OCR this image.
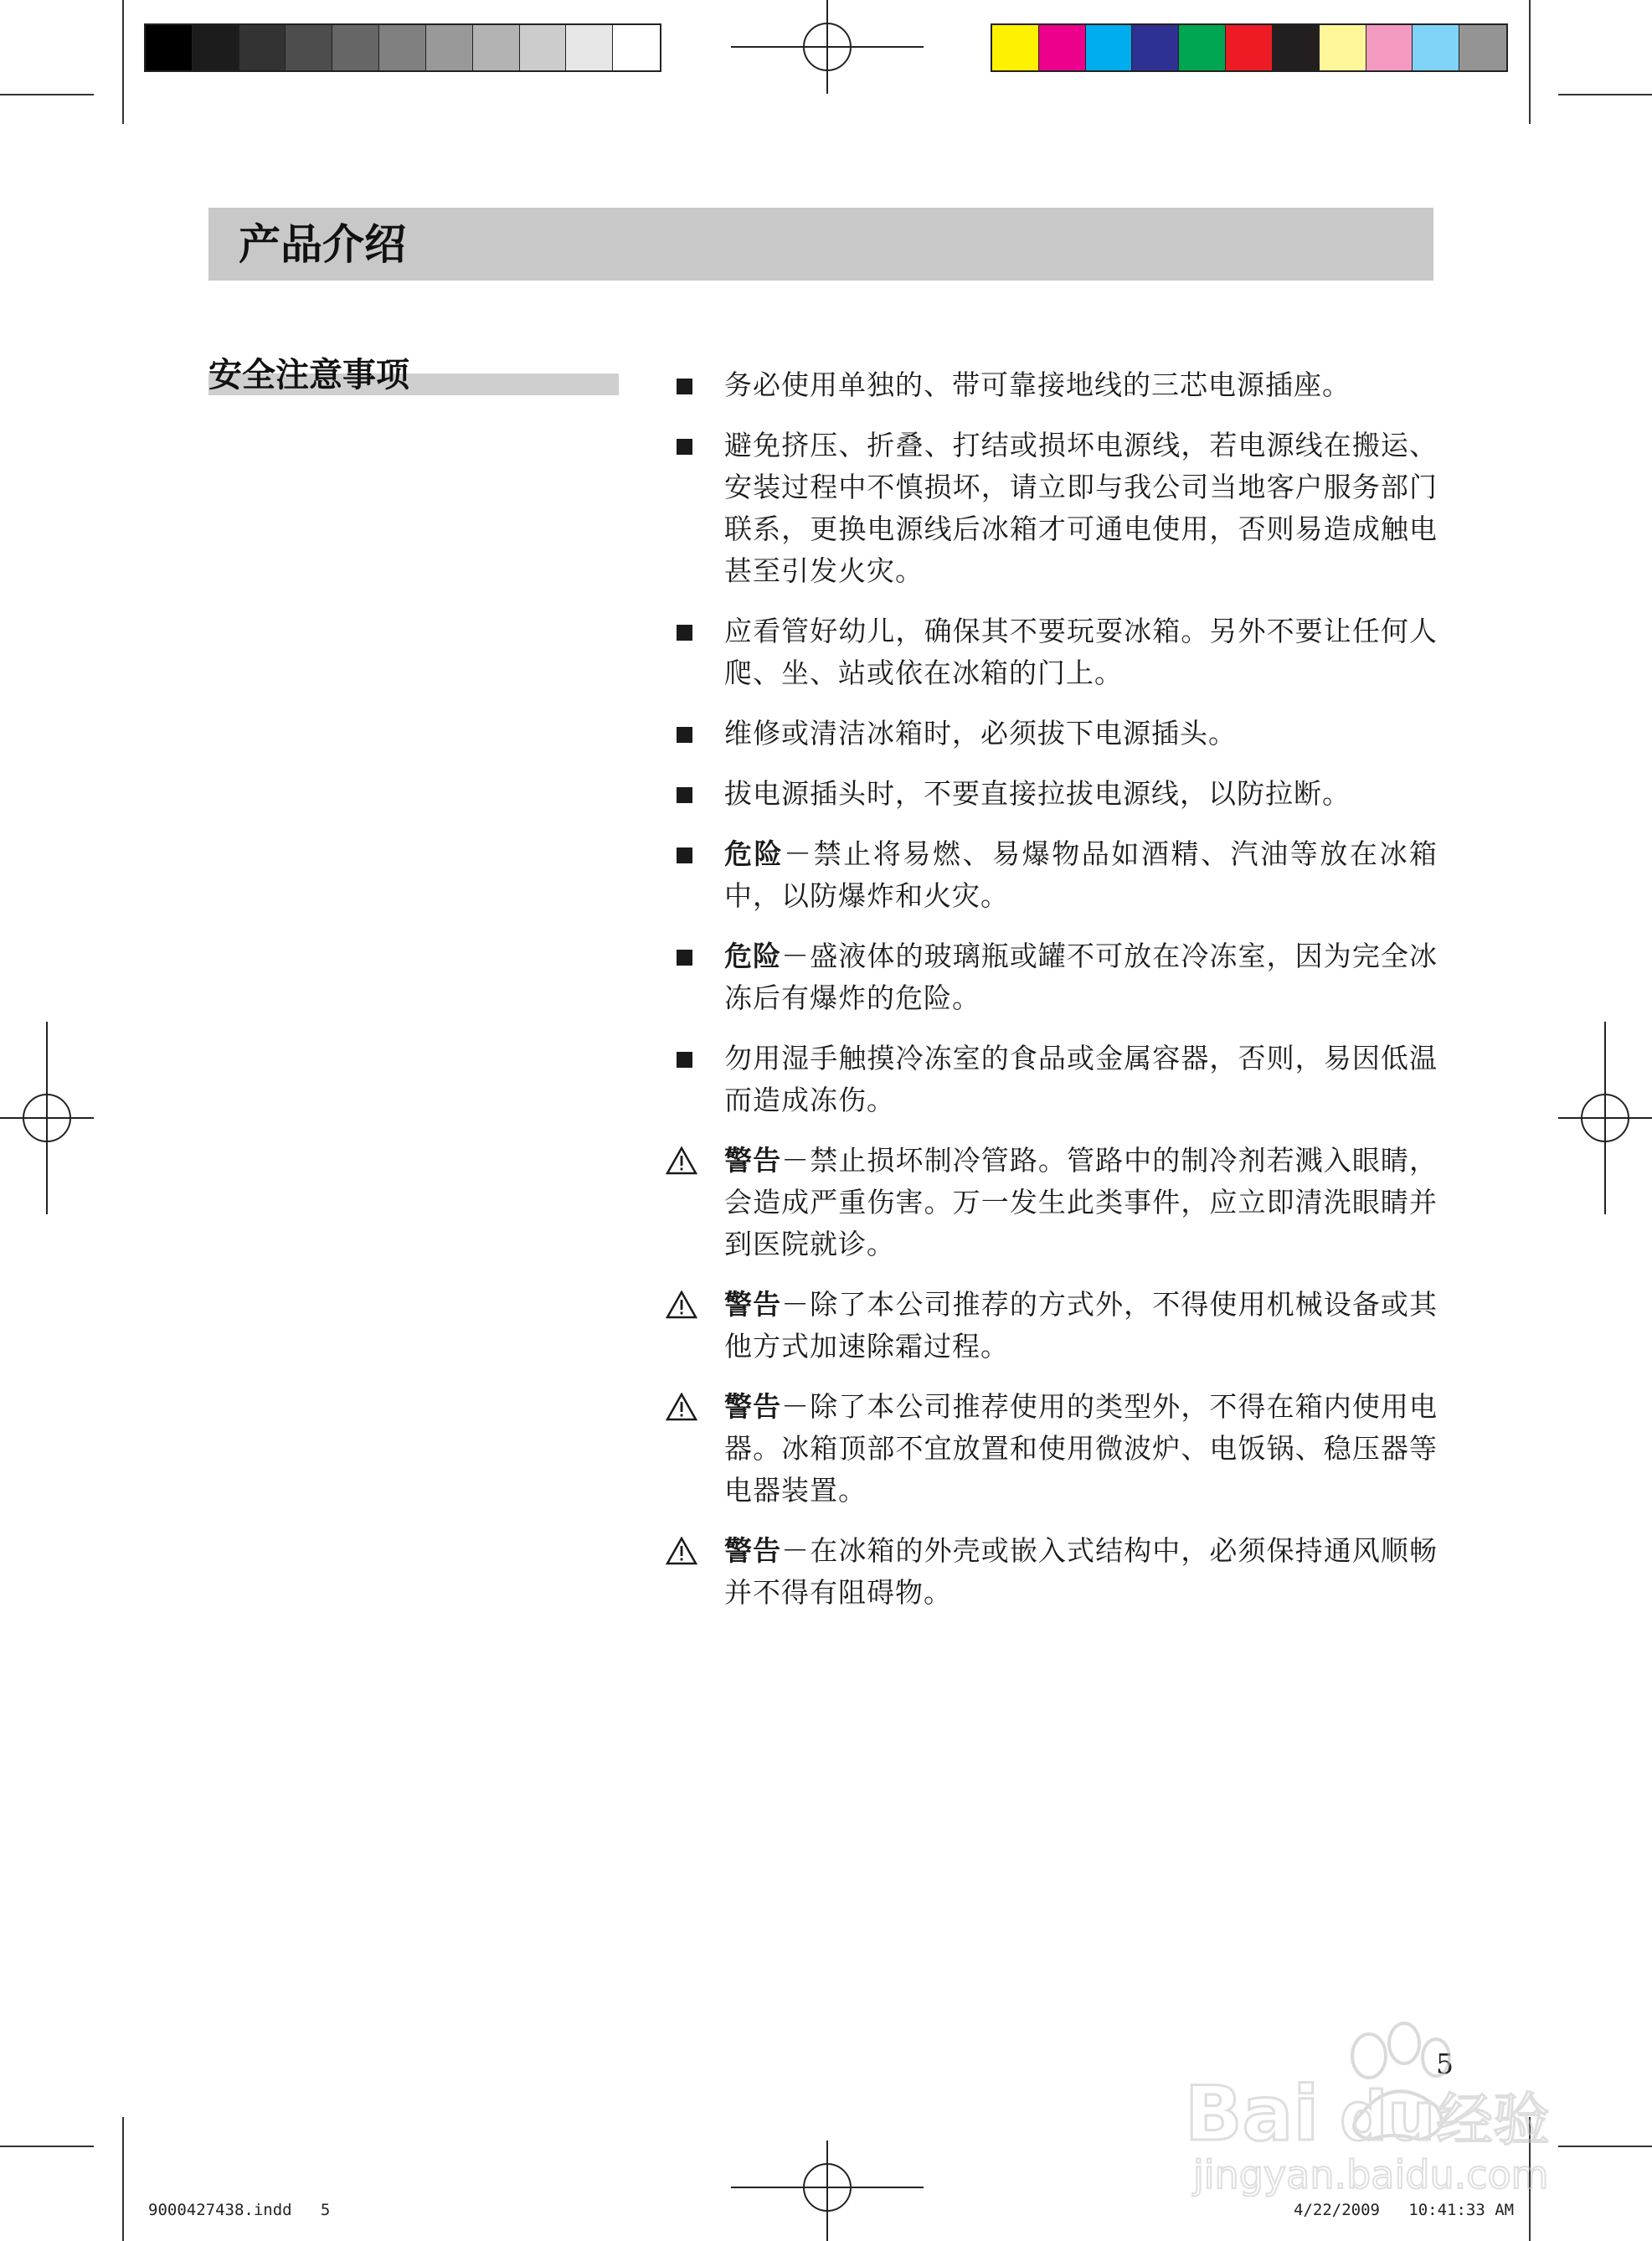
产品介绍
安全注意事项	务必使用单独的、带可靠接地线的三芯电源插座。
避免挤压、折叠、打结或损坏电源线，若电源线在搬运、安装过程中不慎损坏，请立即与我公司当地客户服务部门联系，更换电源线后冰箱才可通电使用，否则易造成触电甚至引发火灾。
应看管好幼儿，确保其不要玩耍冰箱。另外不要让任何人爬、坐、站或依在冰箱的门上。
维修或清洁冰箱时，必须拔下电源插头。
拔电源插头时，不要直接拉拔电源线，以防拉断。
危险－禁止将易燃、易爆物品如酒精、汽油等放在冰箱中，以防爆炸和火灾。
危险－盛液体的玻璃瓶或罐不可放在冷冻室，因为完全冰冻后有爆炸的危险。
勿用湿手触摸冷冻室的食品或金属容器，否则，易因低温而造成冻伤。
警告－禁止损坏制冷管路。管路中的制冷剂若溅入眼睛，会造成严重伤害。万一发生此类事件，应立即清洗眼睛并到医院就诊。
警告－除了本公司推荐的方式外，不得使用机械设备或其他方式加速除霜过程。
警告－除了本公司推荐使用的类型外，不得在箱内使用电器。冰箱顶部不宜放置和使用微波炉、电饭锅、稳压器等电器装置。
警告－在冰箱的外壳或嵌入式结构中，必须保持通风顺畅并不得有阻碍物。
5
Bai du 经验
jingyan.baidu.com
9000427438.indd   5	4/22/2009   10:41:33 AM
